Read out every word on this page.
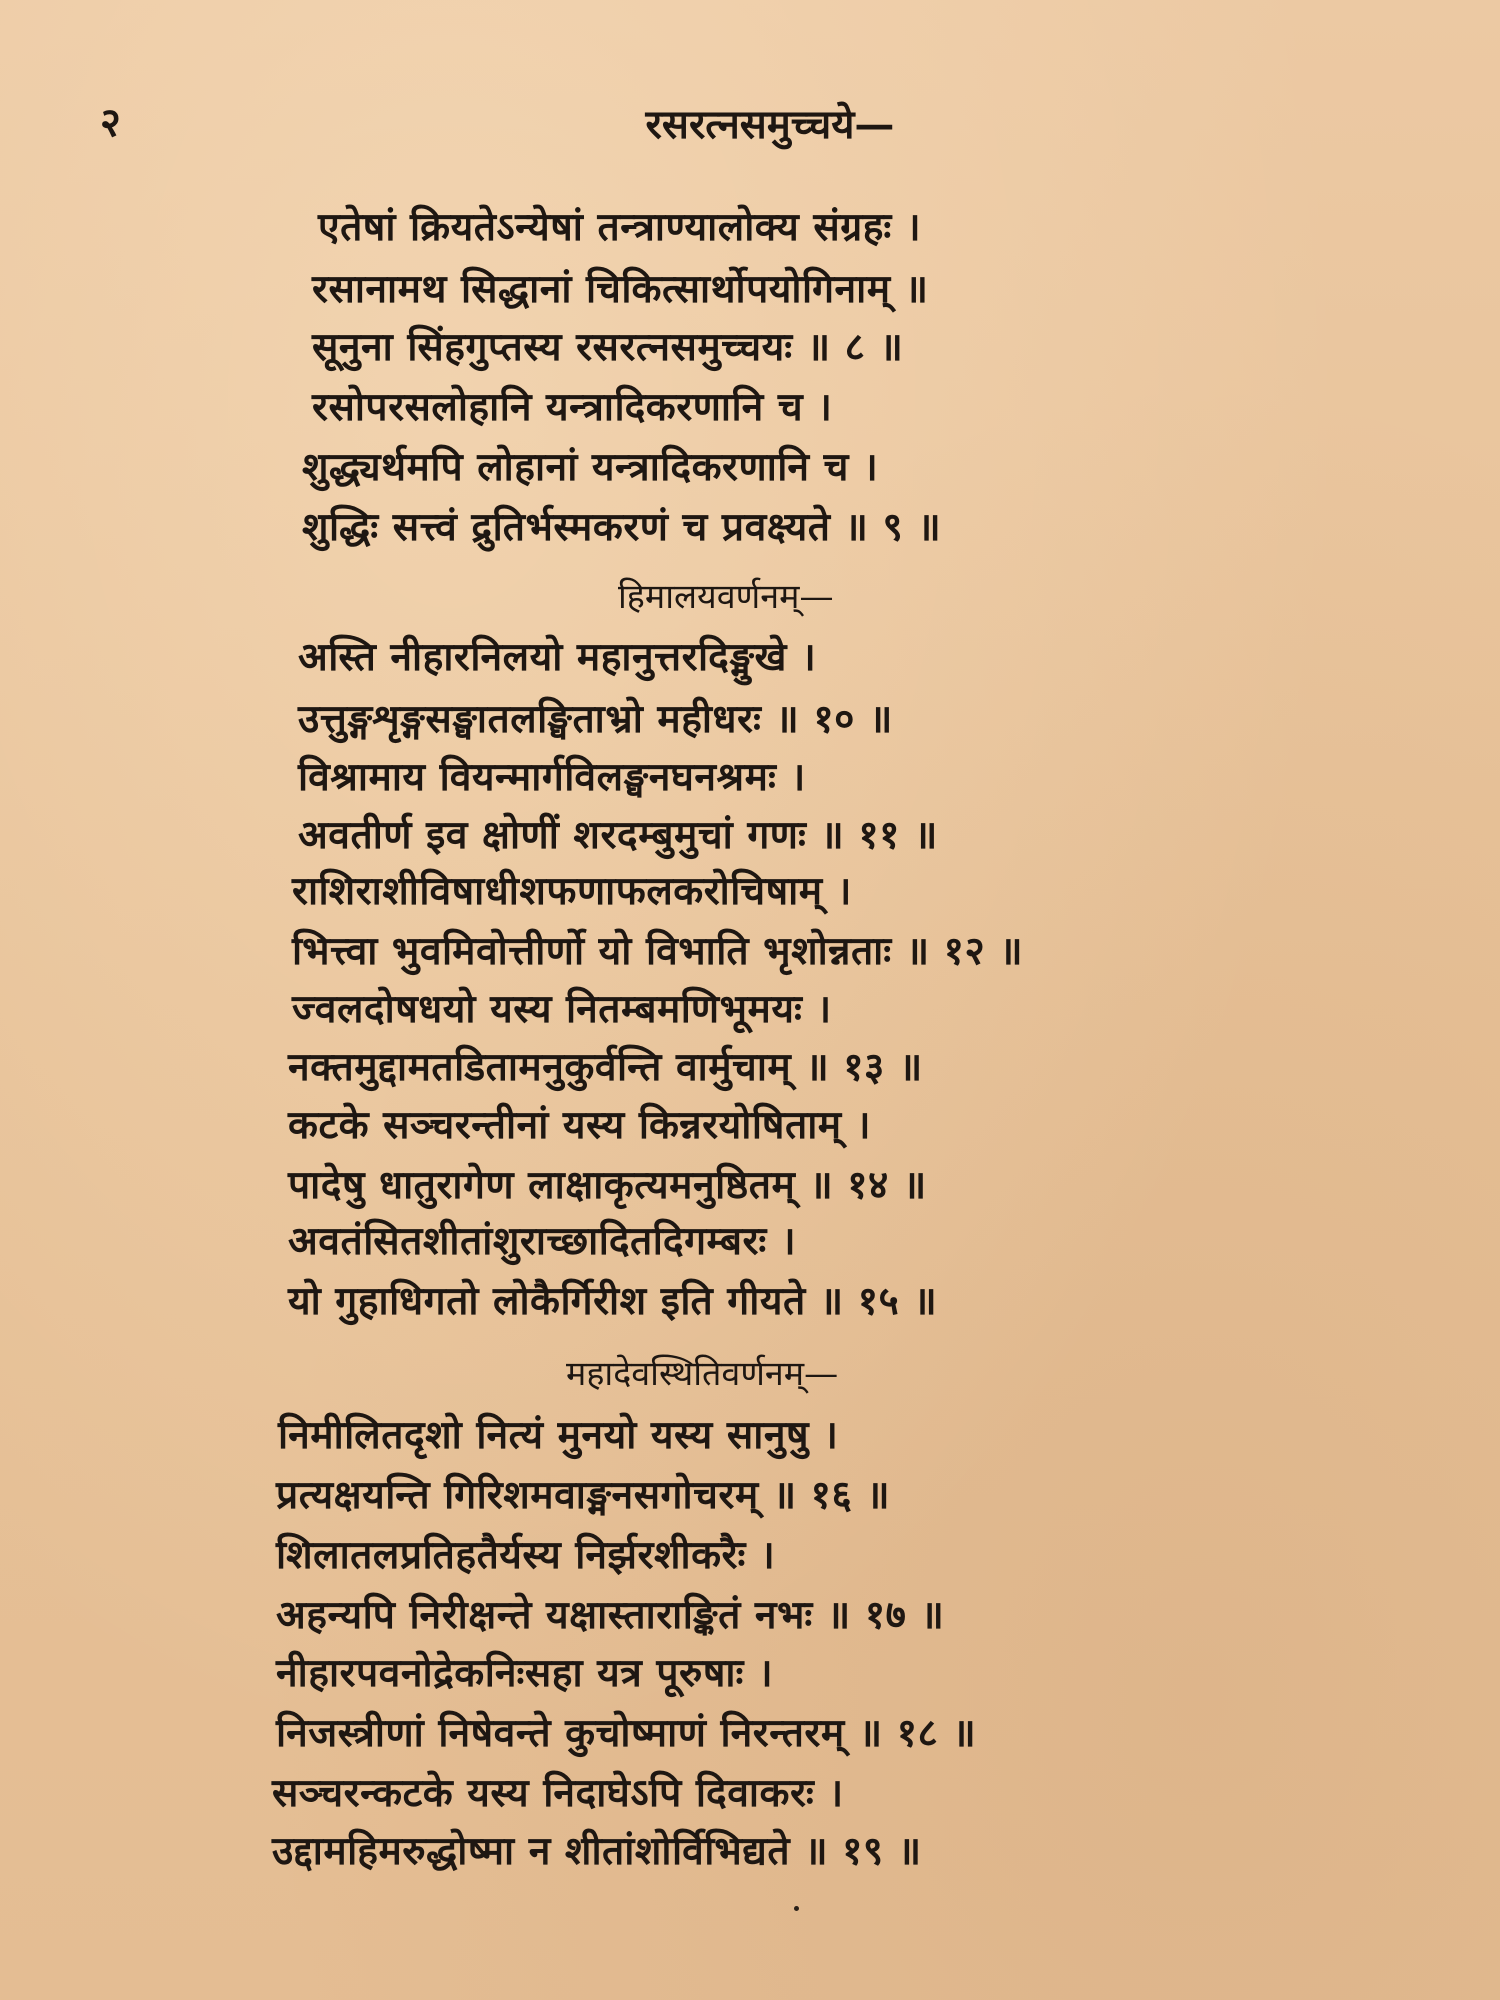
२	रसरत्नसमुच्चये—
एतेषां क्रियतेऽन्येषां तन्त्राण्यालोक्य संग्रहः ।
रसानामथ सिद्धानां चिकित्सार्थोपयोगिनाम् ॥
सूनुना सिंहगुप्तस्य रसरत्नसमुच्चयः ॥ ८ ॥
रसोपरसलोहानि यन्त्रादिकरणानि च ।
शुद्ध्यर्थमपि लोहानां यन्त्रादिकरणानि च ।
शुद्धिः सत्त्वं द्रुतिर्भस्मकरणं च प्रवक्ष्यते ॥ ९ ॥
हिमालयवर्णनम्—
अस्ति नीहारनिलयो महानुत्तरदिङ्मुखे ।
उत्तुङ्गशृङ्गसङ्घातलङ्घिताभ्रो महीधरः ॥ १० ॥
विश्रामाय वियन्मार्गविलङ्घनघनश्रमः ।
अवतीर्ण इव क्षोणीं शरदम्बुमुचां गणः ॥ ११ ॥
राशिराशीविषाधीशफणाफलकरोचिषाम् ।
भित्त्वा भुवमिवोत्तीर्णो यो विभाति भृशोन्नताः ॥ १२ ॥
ज्वलदोषधयो यस्य नितम्बमणिभूमयः ।
नक्तमुद्दामतडितामनुकुर्वन्ति वार्मुचाम् ॥ १३ ॥
कटके सञ्चरन्तीनां यस्य किन्नरयोषिताम् ।
पादेषु धातुरागेण लाक्षाकृत्यमनुष्ठितम् ॥ १४ ॥
अवतंसितशीतांशुराच्छादितदिगम्बरः ।
यो गुहाधिगतो लोकैर्गिरीश इति गीयते ॥ १५ ॥
महादेवस्थितिवर्णनम्—
निमीलितदृशो नित्यं मुनयो यस्य सानुषु ।
प्रत्यक्षयन्ति गिरिशमवाङ्मनसगोचरम् ॥ १६ ॥
शिलातलप्रतिहतैर्यस्य निर्झरशीकरैः ।
अहन्यपि निरीक्षन्ते यक्षास्ताराङ्कितं नभः ॥ १७ ॥
नीहारपवनोद्रेकनिःसहा यत्र पूरुषाः ।
निजस्त्रीणां निषेवन्ते कुचोष्माणं निरन्तरम् ॥ १८ ॥
सञ्चरन्कटके यस्य निदाघेऽपि दिवाकरः ।
उद्दामहिमरुद्धोष्मा न शीतांशोर्विभिद्यते ॥ १९ ॥
